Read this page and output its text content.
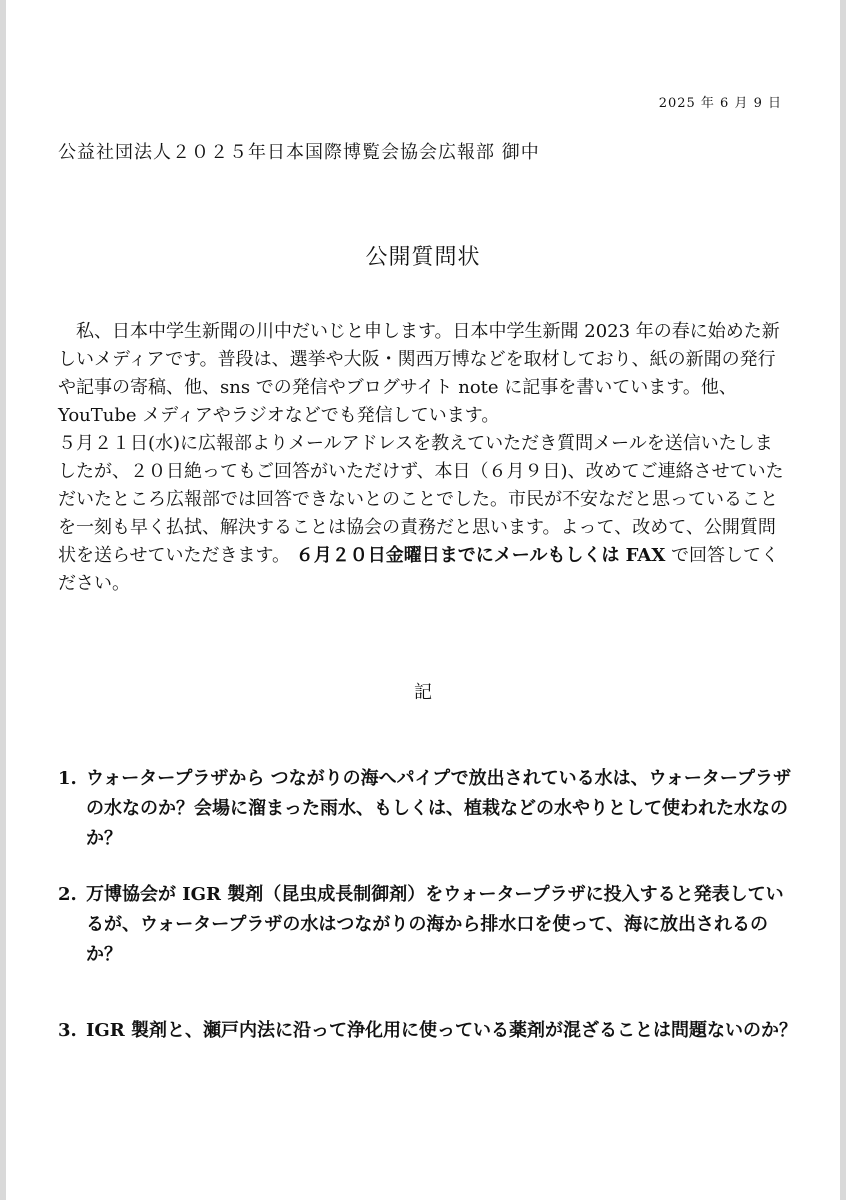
2025 年 6 月 9 日
公益社団法人２０２５年日本国際博覧会協会広報部 御中
公開質問状

私、日本中学生新聞の川中だいじと申します。日本中学生新聞 2023 年の春に始めた新しいメディアです。普段は、選挙や大阪・関西万博などを取材しており、紙の新聞の発行や記事の寄稿、他、sns での発信やブログサイト note に記事を書いています。他、YouTube メディアやラジオなどでも発信しています。

５月２１日(水)に広報部よりメールアドレスを教えていただき質問メールを送信いたしましたが、２０日絶ってもご回答がいただけず、本日（６月９日)、改めてご連絡させていただいたところ広報部では回答できないとのことでした。市民が不安なだと思っていることを一刻も早く払拭、解決することは協会の責務だと思います。よって、改めて、公開質問状を送らせていただきます。 ６月２０日金曜日までにメールもしくは FAX で回答してください。

記
1. ウォータープラザから つながりの海へパイプで放出されている水は、ウォータープラザの水なのか？会場に溜まった雨水、もしくは、植栽などの水やりとして使われた水なのか？
2. 万博協会が IGR 製剤（昆虫成長制御剤）をウォータープラザに投入すると発表しているが、ウォータープラザの水はつながりの海から排水口を使って、海に放出されるのか？
3. IGR 製剤と、瀬戸内法に沿って浄化用に使っている薬剤が混ざることは問題ないのか？
